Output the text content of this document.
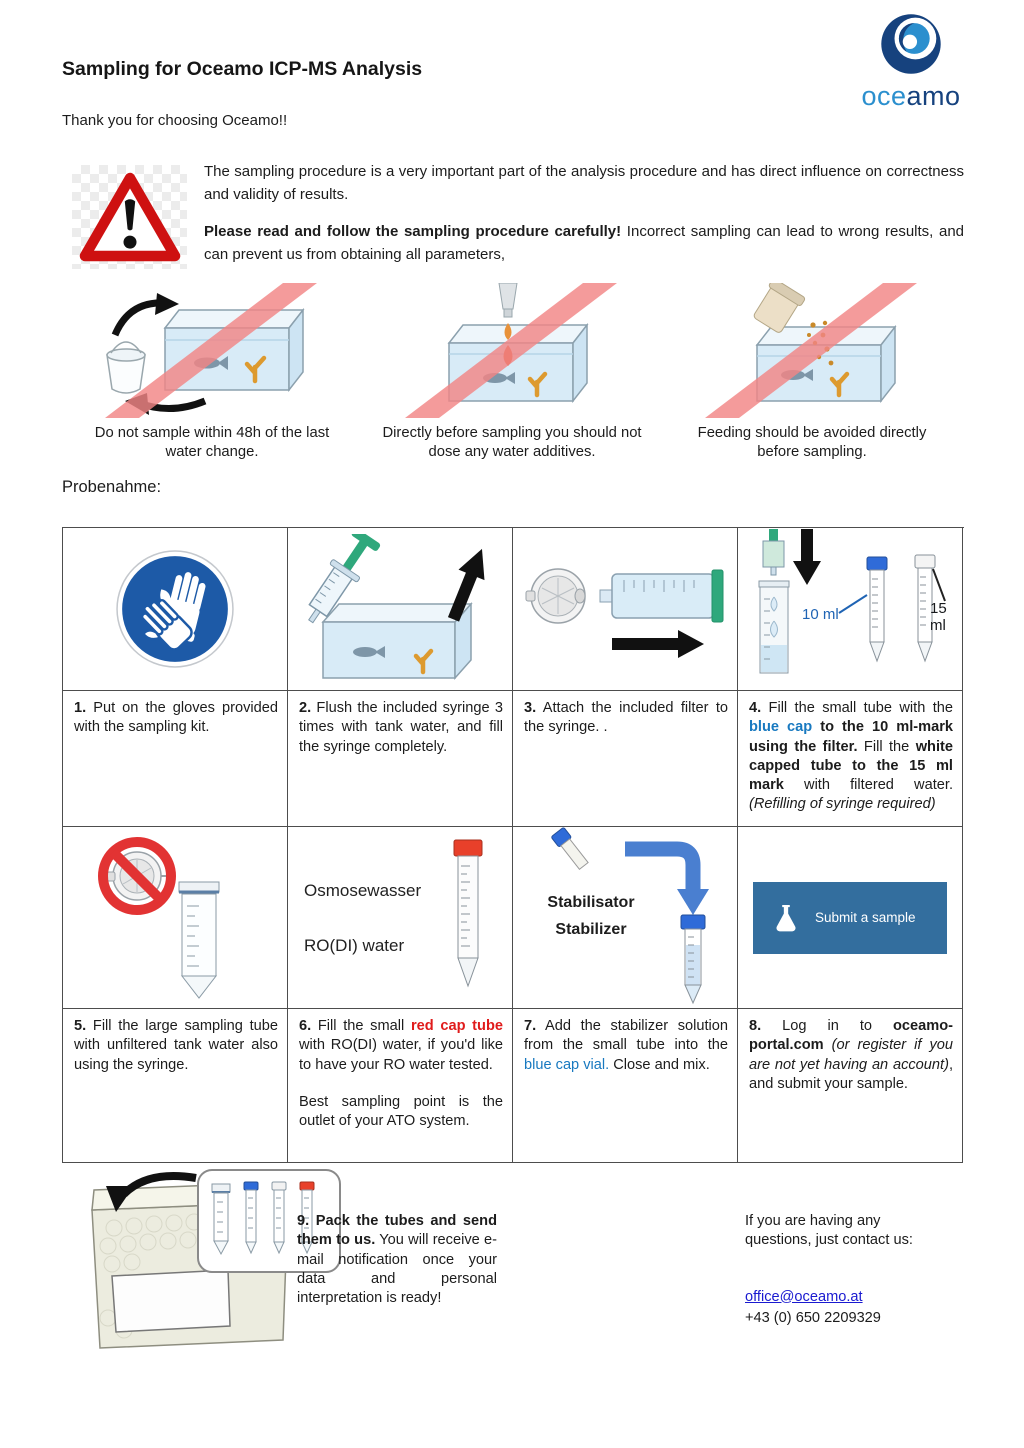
Sampling for Oceamo ICP-MS Analysis
oceamo

Thank you for choosing Oceamo!!

The sampling procedure is a very important part of the analysis procedure and has direct influence on correctness and validity of results.

Please read and follow the sampling procedure carefully! Incorrect sampling can lead to wrong results, and can prevent us from obtaining all parameters,

Do not sample within 48h of the last water change.
Directly before sampling you should not dose any water additives.
Feeding should be avoided directly before sampling.
Probenahme:
10 ml	15 ml

1. Put on the gloves provided with the sampling kit.

2. Flush the included syringe 3 times with tank water, and fill the syringe completely.

3. Attach the included filter to the syringe. .

4. Fill the small tube with the blue cap to the 10 ml-mark using the filter. Fill the white capped tube to the 15 ml mark with filtered water. (Refilling of syringe required)

Osmosewasser
RO(DI) water
Stabilisator
Stabilizer
Submit a sample

5. Fill the large sampling tube with unfiltered tank water also using the syringe.

6. Fill the small red cap tube with RO(DI) water, if you'd like to have your RO water tested.

Best sampling point is the outlet of your ATO system.

7. Add the stabilizer solution from the small tube into the blue cap vial. Close and mix.

8. Log in to oceamo-portal.com (or register if you are not yet having an account), and submit your sample.

9. Pack the tubes and send them to us. You will receive e-mail notification once your data and personal interpretation is ready!

If you are having any questions, just contact us:

office@oceamo.at

+43 (0) 650 2209329
